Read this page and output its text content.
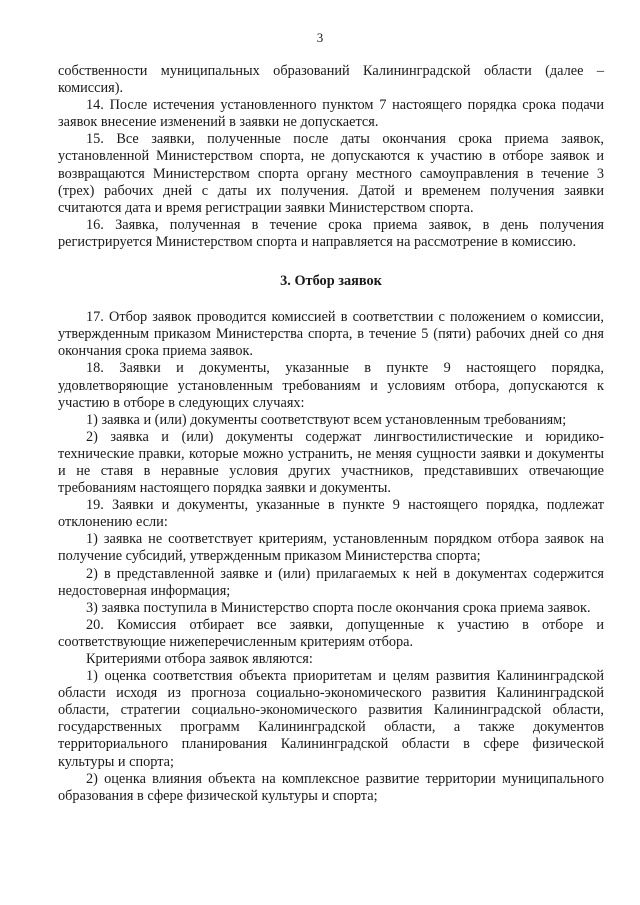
3

собственности муниципальных образований Калининградской области (далее – комиссия).

14. После истечения установленного пунктом 7 настоящего порядка срока подачи заявок внесение изменений в заявки не допускается.

15. Все заявки, полученные после даты окончания срока приема заявок, установленной Министерством спорта, не допускаются к участию в отборе заявок и возвращаются Министерством спорта органу местного самоуправления в течение 3 (трех) рабочих дней с даты их получения. Датой и временем получения заявки считаются дата и время регистрации заявки Министерством спорта.

16. Заявка, полученная в течение срока приема заявок, в день получения регистрируется Министерством спорта и направляется на рассмотрение в комиссию.

3. Отбор заявок

17. Отбор заявок проводится комиссией в соответствии с положением о комиссии, утвержденным приказом Министерства спорта, в течение 5 (пяти) рабочих дней со дня окончания срока приема заявок.

18. Заявки и документы, указанные в пункте 9 настоящего порядка, удовлетворяющие установленным требованиям и условиям отбора, допускаются к участию в отборе в следующих случаях:

1) заявка и (или) документы соответствуют всем установленным требованиям;

2) заявка и (или) документы содержат лингвостилистические и юридико-технические правки, которые можно устранить, не меняя сущности заявки и документы и не ставя в неравные условия других участников, представивших отвечающие требованиям настоящего порядка заявки и документы.

19. Заявки и документы, указанные в пункте 9 настоящего порядка, подлежат отклонению если:

1) заявка не соответствует критериям, установленным порядком отбора заявок на получение субсидий, утвержденным приказом Министерства спорта;

2) в представленной заявке и (или) прилагаемых к ней в документах содержится недостоверная информация;

3) заявка поступила в Министерство спорта после окончания срока приема заявок.

20. Комиссия отбирает все заявки, допущенные к участию в отборе и соответствующие нижеперечисленным критериям отбора.

Критериями отбора заявок являются:

1) оценка соответствия объекта приоритетам и целям развития Калининградской области исходя из прогноза социально-экономического развития Калининградской области, стратегии социально-экономического развития Калининградской области, государственных программ Калининградской области, а также документов территориального планирования Калининградской области в сфере физической культуры и спорта;

2) оценка влияния объекта на комплексное развитие территории муниципального образования в сфере физической культуры и спорта;
